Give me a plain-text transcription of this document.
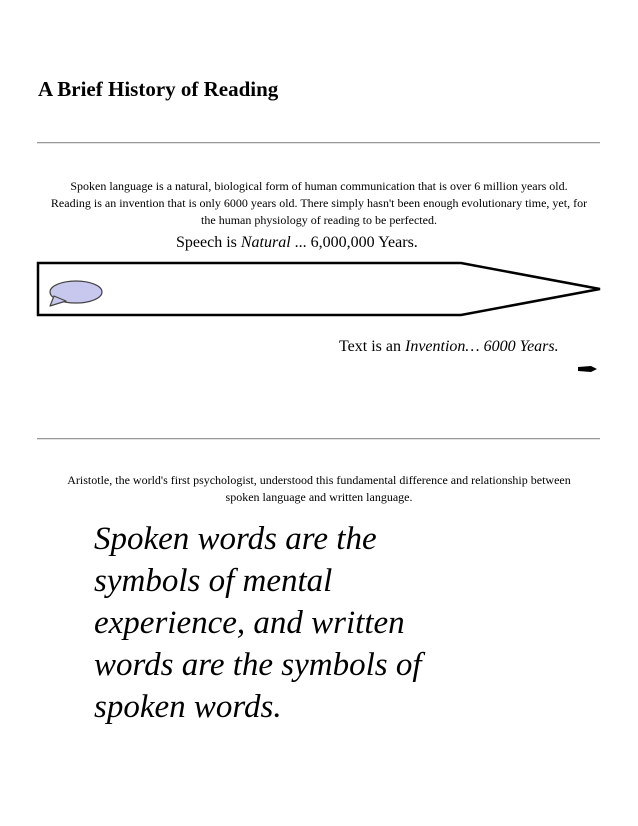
A Brief History of Reading
Spoken language is a natural, biological form of human communication that is over 6 million years old.
Reading is an invention that is only 6000 years old. There simply hasn't been enough evolutionary time, yet, for
the human physiology of reading to be perfected.

Speech is Natural ... 6,000,000 Years.

Text is an Invention… 6000 Years.

Aristotle, the world's first psychologist, understood this fundamental difference and relationship between
spoken language and written language.
Spoken words are the
symbols of mental
experience, and written
words are the symbols of
spoken words.
